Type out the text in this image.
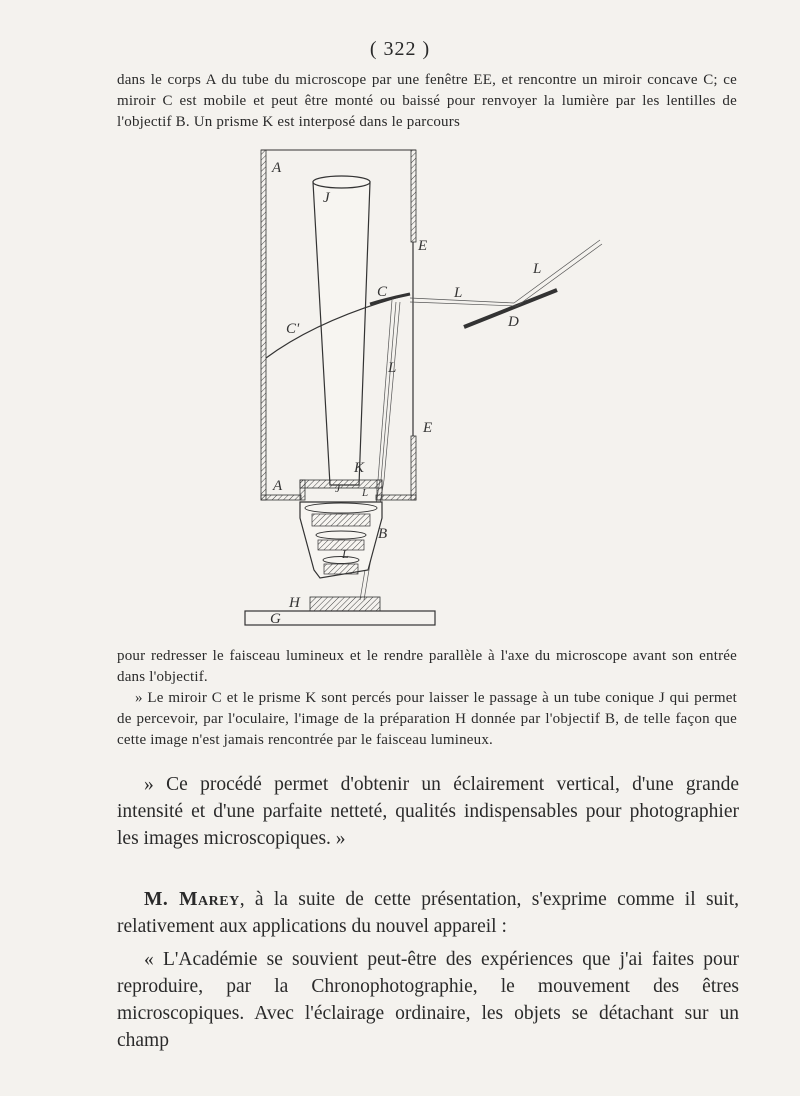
( 322 )

dans le corps A du tube du microscope par une fenêtre EE, et rencontre un miroir concave C; ce miroir C est mobile et peut être monté ou baissé pour renvoyer la lumière par les lentilles de l'objectif B. Un prisme K est interposé dans le parcours

A
J
E
C
C'
L
L
D
L
E
K
A	J L
B
L
H
G

pour redresser le faisceau lumineux et le rendre parallèle à l'axe du microscope avant son entrée dans l'objectif.

» Le miroir C et le prisme K sont percés pour laisser le passage à un tube conique J qui permet de percevoir, par l'oculaire, l'image de la préparation H donnée par l'objectif B, de telle façon que cette image n'est jamais rencontrée par le faisceau lumineux.

» Ce procédé permet d'obtenir un éclairement vertical, d'une grande intensité et d'une parfaite netteté, qualités indispensables pour photographier les images microscopiques. »

M. Marey, à la suite de cette présentation, s'exprime comme il suit, relativement aux applications du nouvel appareil :

« L'Académie se souvient peut-être des expériences que j'ai faites pour reproduire, par la Chronophotographie, le mouvement des êtres microscopiques. Avec l'éclairage ordinaire, les objets se détachant sur un champ
